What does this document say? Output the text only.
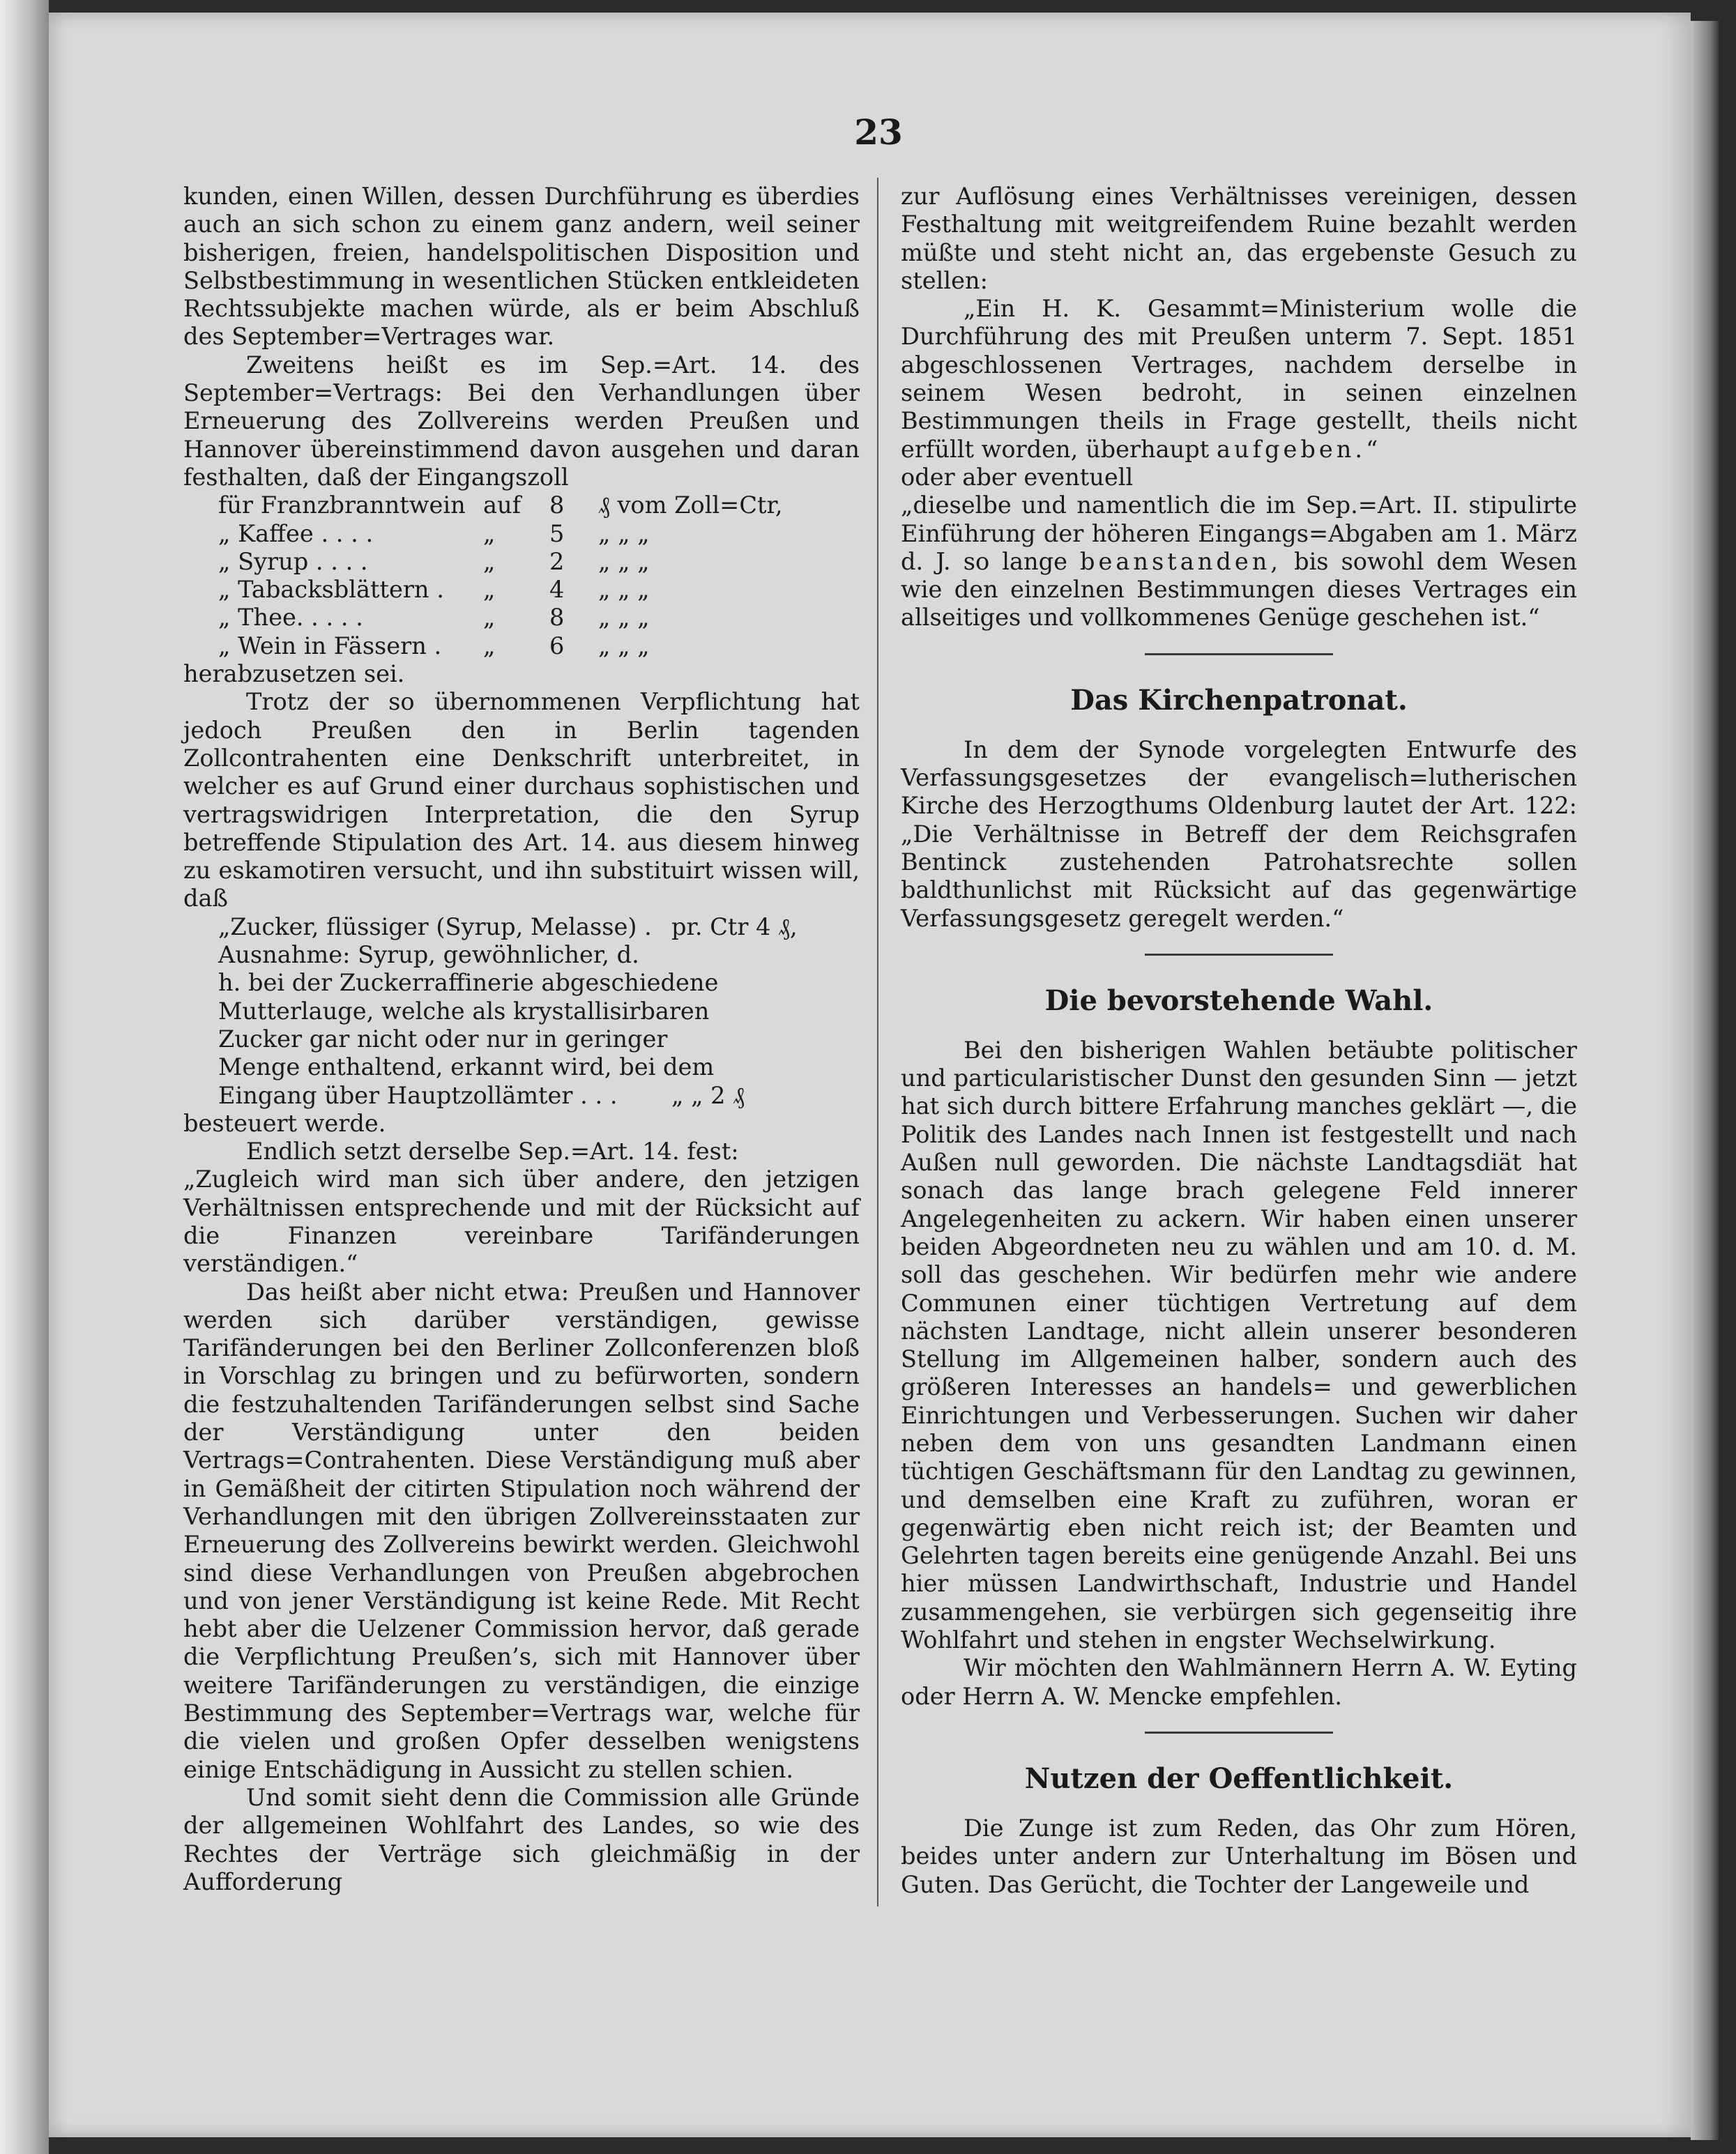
23

kunden, einen Willen, dessen Durchführung es überdies auch an sich schon zu einem ganz andern, weil seiner bisherigen, freien, handelspolitischen Disposition und Selbstbestimmung in wesentlichen Stücken entkleideten Rechtssubjekte machen würde, als er beim Abschluß des September=Vertrages war.

Zweitens heißt es im Sep.=Art. 14. des September=Vertrags: Bei den Verhandlungen über Erneuerung des Zollvereins werden Preußen und Hannover übereinstimmend davon ausgehen und daran festhalten, daß der Eingangszoll

für Franzbranntwein auf	8	₰ vom Zoll=Ctr,
„ Kaffee . . . .	„	5	„ „ „
„ Syrup . . . .	„	2	„ „ „
„ Tabacksblättern .	„	4	„ „ „
„ Thee. . . . .	„	8	„ „ „
„ Wein in Fässern .	„	6	„ „ „

herabzusetzen sei.

Trotz der so übernommenen Verpflichtung hat jedoch Preußen den in Berlin tagenden Zollcontrahenten eine Denkschrift unterbreitet, in welcher es auf Grund einer durchaus sophistischen und vertragswidrigen Interpretation, die den Syrup betreffende Stipulation des Art. 14. aus diesem hinweg zu eskamotiren versucht, und ihn substituirt wissen will, daß

„Zucker, flüssiger (Syrup, Melasse) . pr. Ctr 4 ₰,
Ausnahme: Syrup, gewöhnlicher, d.
h. bei der Zuckerraffinerie abgeschiedene
Mutterlauge, welche als krystallisirbaren
Zucker gar nicht oder nur in geringer
Menge enthaltend, erkannt wird, bei dem
Eingang über Hauptzollämter . . .	„ „ 2 ₰

besteuert werde.

Endlich setzt derselbe Sep.=Art. 14. fest:

„Zugleich wird man sich über andere, den jetzigen Verhältnissen entsprechende und mit der Rücksicht auf die Finanzen vereinbare Tarifänderungen verständigen.“

Das heißt aber nicht etwa: Preußen und Hannover werden sich darüber verständigen, gewisse Tarifänderungen bei den Berliner Zollconferenzen bloß in Vorschlag zu bringen und zu befürworten, sondern die festzuhaltenden Tarifänderungen selbst sind Sache der Verständigung unter den beiden Vertrags=Contrahenten. Diese Verständigung muß aber in Gemäßheit der citirten Stipulation noch während der Verhandlungen mit den übrigen Zollvereinsstaaten zur Erneuerung des Zollvereins bewirkt werden. Gleichwohl sind diese Verhandlungen von Preußen abgebrochen und von jener Verständigung ist keine Rede. Mit Recht hebt aber die Uelzener Commission hervor, daß gerade die Verpflichtung Preußen’s, sich mit Hannover über weitere Tarifänderungen zu verständigen, die einzige Bestimmung des September=Vertrags war, welche für die vielen und großen Opfer desselben wenigstens einige Entschädigung in Aussicht zu stellen schien.

Und somit sieht denn die Commission alle Gründe der allgemeinen Wohlfahrt des Landes, so wie des Rechtes der Verträge sich gleichmäßig in der Aufforderung

zur Auflösung eines Verhältnisses vereinigen, dessen Festhaltung mit weitgreifendem Ruine bezahlt werden müßte und steht nicht an, das ergebenste Gesuch zu stellen:

„Ein H. K. Gesammt=Ministerium wolle die Durchführung des mit Preußen unterm 7. Sept. 1851 abgeschlossenen Vertrages, nachdem derselbe in seinem Wesen bedroht, in seinen einzelnen Bestimmungen theils in Frage gestellt, theils nicht erfüllt worden, überhaupt aufgeben.“

oder aber eventuell

„dieselbe und namentlich die im Sep.=Art. II. stipulirte Einführung der höheren Eingangs=Abgaben am 1. März d. J. so lange beanstanden, bis sowohl dem Wesen wie den einzelnen Bestimmungen dieses Vertrages ein allseitiges und vollkommenes Genüge geschehen ist.“

Das Kirchenpatronat.

In dem der Synode vorgelegten Entwurfe des Verfassungsgesetzes der evangelisch=lutherischen Kirche des Herzogthums Oldenburg lautet der Art. 122: „Die Verhältnisse in Betreff der dem Reichsgrafen Bentinck zustehenden Patrohatsrechte sollen baldthunlichst mit Rücksicht auf das gegenwärtige Verfassungsgesetz geregelt werden.“

Die bevorstehende Wahl.

Bei den bisherigen Wahlen betäubte politischer und particularistischer Dunst den gesunden Sinn — jetzt hat sich durch bittere Erfahrung manches geklärt —, die Politik des Landes nach Innen ist festgestellt und nach Außen null geworden. Die nächste Landtagsdiät hat sonach das lange brach gelegene Feld innerer Angelegenheiten zu ackern. Wir haben einen unserer beiden Abgeordneten neu zu wählen und am 10. d. M. soll das geschehen. Wir bedürfen mehr wie andere Communen einer tüchtigen Vertretung auf dem nächsten Landtage, nicht allein unserer besonderen Stellung im Allgemeinen halber, sondern auch des größeren Interesses an handels= und gewerblichen Einrichtungen und Verbesserungen. Suchen wir daher neben dem von uns gesandten Landmann einen tüchtigen Geschäftsmann für den Landtag zu gewinnen, und demselben eine Kraft zu zuführen, woran er gegenwärtig eben nicht reich ist; der Beamten und Gelehrten tagen bereits eine genügende Anzahl. Bei uns hier müssen Landwirthschaft, Industrie und Handel zusammengehen, sie verbürgen sich gegenseitig ihre Wohlfahrt und stehen in engster Wechselwirkung.

Wir möchten den Wahlmännern Herrn A. W. Eyting oder Herrn A. W. Mencke empfehlen.

Nutzen der Oeffentlichkeit.

Die Zunge ist zum Reden, das Ohr zum Hören, beides unter andern zur Unterhaltung im Bösen und Guten. Das Gerücht, die Tochter der Langeweile und
